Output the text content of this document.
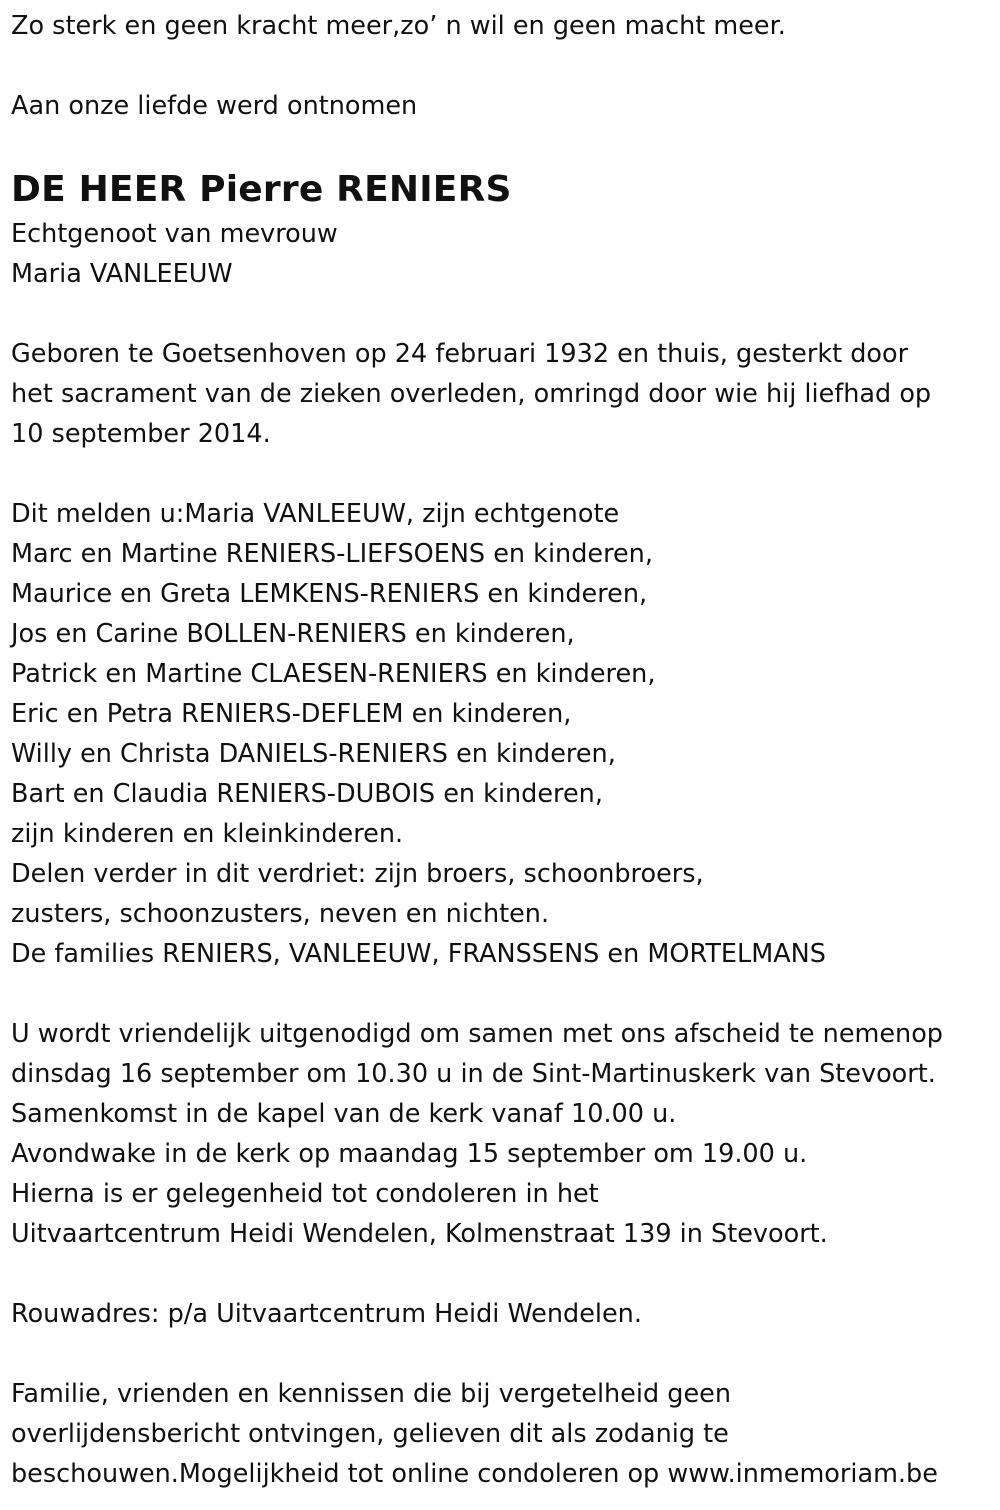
Zo sterk en geen kracht meer,zo’ n wil en geen macht meer.
Aan onze liefde werd ontnomen
DE HEER Pierre RENIERS
Echtgenoot van mevrouw
Maria VANLEEUW
Geboren te Goetsenhoven op 24 februari 1932 en thuis, gesterkt door
het sacrament van de zieken overleden, omringd door wie hij liefhad op
10 september 2014.
Dit melden u:Maria VANLEEUW, zijn echtgenote
Marc en Martine RENIERS-LIEFSOENS en kinderen,
Maurice en Greta LEMKENS-RENIERS en kinderen,
Jos en Carine BOLLEN-RENIERS en kinderen,
Patrick en Martine CLAESEN-RENIERS en kinderen,
Eric en Petra RENIERS-DEFLEM en kinderen,
Willy en Christa DANIELS-RENIERS en kinderen,
Bart en Claudia RENIERS-DUBOIS en kinderen,
zijn kinderen en kleinkinderen.
Delen verder in dit verdriet: zijn broers, schoonbroers,
zusters, schoonzusters, neven en nichten.
De families RENIERS, VANLEEUW, FRANSSENS en MORTELMANS
U wordt vriendelijk uitgenodigd om samen met ons afscheid te nemenop
dinsdag 16 september om 10.30 u in de Sint-Martinuskerk van Stevoort.
Samenkomst in de kapel van de kerk vanaf 10.00 u.
Avondwake in de kerk op maandag 15 september om 19.00 u.
Hierna is er gelegenheid tot condoleren in het
Uitvaartcentrum Heidi Wendelen, Kolmenstraat 139 in Stevoort.
Rouwadres: p/a Uitvaartcentrum Heidi Wendelen.
Familie, vrienden en kennissen die bij vergetelheid geen
overlijdensbericht ontvingen, gelieven dit als zodanig te
beschouwen.Mogelijkheid tot online condoleren op www.inmemoriam.be
